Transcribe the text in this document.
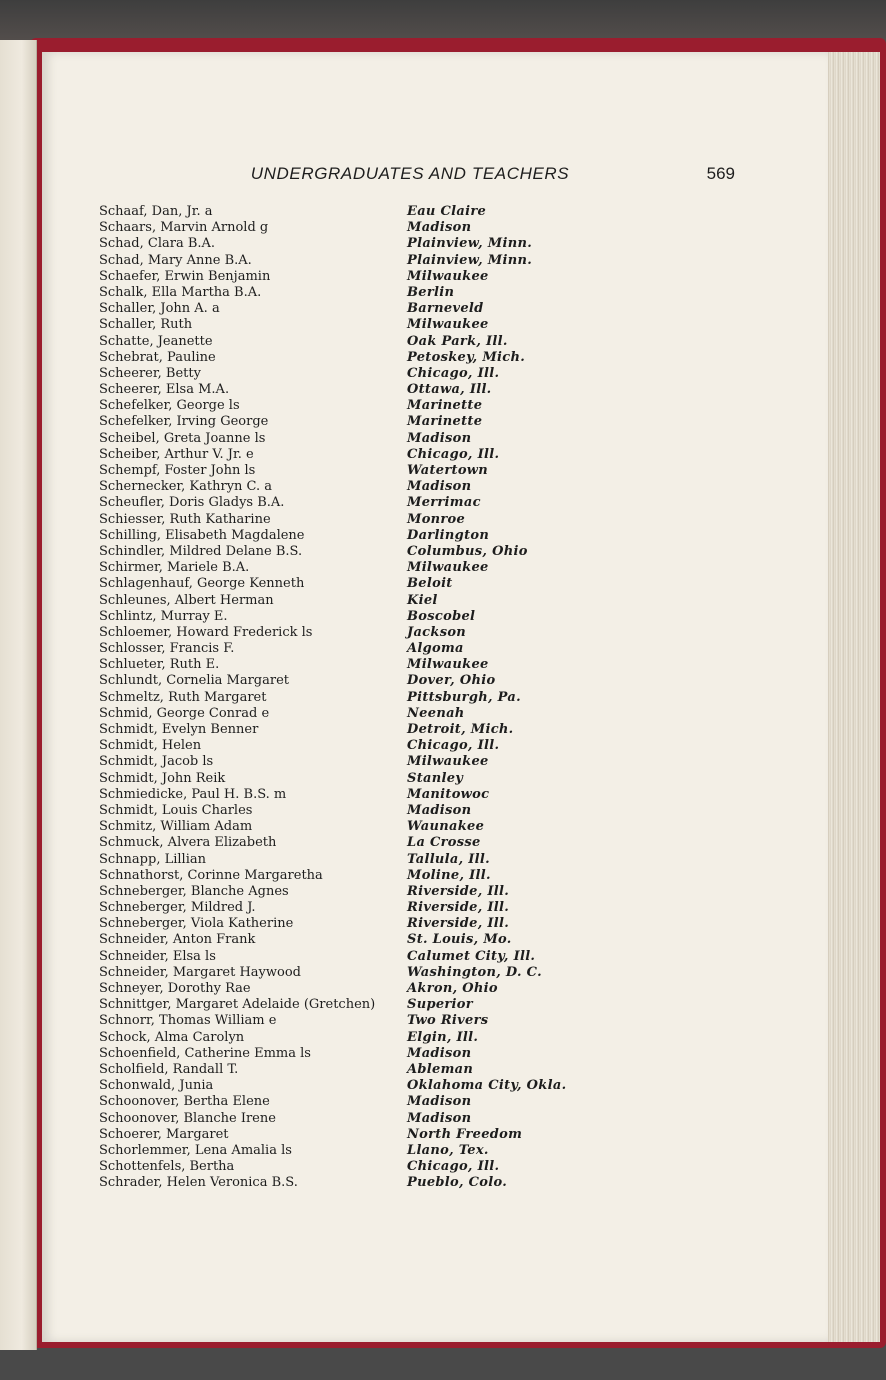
UNDERGRADUATES AND TEACHERS	569
Schaaf, Dan, Jr. a	Eau Claire
Schaars, Marvin Arnold g	Madison
Schad, Clara B.A.	Plainview, Minn.
Schad, Mary Anne B.A.	Plainview, Minn.
Schaefer, Erwin Benjamin	Milwaukee
Schalk, Ella Martha B.A.	Berlin
Schaller, John A. a	Barneveld
Schaller, Ruth	Milwaukee
Schatte, Jeanette	Oak Park, Ill.
Schebrat, Pauline	Petoskey, Mich.
Scheerer, Betty	Chicago, Ill.
Scheerer, Elsa M.A.	Ottawa, Ill.
Schefelker, George ls	Marinette
Schefelker, Irving George	Marinette
Scheibel, Greta Joanne ls	Madison
Scheiber, Arthur V. Jr. e	Chicago, Ill.
Schempf, Foster John ls	Watertown
Schernecker, Kathryn C. a	Madison
Scheufler, Doris Gladys B.A.	Merrimac
Schiesser, Ruth Katharine	Monroe
Schilling, Elisabeth Magdalene	Darlington
Schindler, Mildred Delane B.S.	Columbus, Ohio
Schirmer, Mariele B.A.	Milwaukee
Schlagenhauf, George Kenneth	Beloit
Schleunes, Albert Herman	Kiel
Schlintz, Murray E.	Boscobel
Schloemer, Howard Frederick ls	Jackson
Schlosser, Francis F.	Algoma
Schlueter, Ruth E.	Milwaukee
Schlundt, Cornelia Margaret	Dover, Ohio
Schmeltz, Ruth Margaret	Pittsburgh, Pa.
Schmid, George Conrad e	Neenah
Schmidt, Evelyn Benner	Detroit, Mich.
Schmidt, Helen	Chicago, Ill.
Schmidt, Jacob ls	Milwaukee
Schmidt, John Reik	Stanley
Schmiedicke, Paul H. B.S. m	Manitowoc
Schmidt, Louis Charles	Madison
Schmitz, William Adam	Waunakee
Schmuck, Alvera Elizabeth	La Crosse
Schnapp, Lillian	Tallula, Ill.
Schnathorst, Corinne Margaretha	Moline, Ill.
Schneberger, Blanche Agnes	Riverside, Ill.
Schneberger, Mildred J.	Riverside, Ill.
Schneberger, Viola Katherine	Riverside, Ill.
Schneider, Anton Frank	St. Louis, Mo.
Schneider, Elsa ls	Calumet City, Ill.
Schneider, Margaret Haywood	Washington, D. C.
Schneyer, Dorothy Rae	Akron, Ohio
Schnittger, Margaret Adelaide (Gretchen) Superior
Schnorr, Thomas William e	Two Rivers
Schock, Alma Carolyn	Elgin, Ill.
Schoenfield, Catherine Emma ls	Madison
Scholfield, Randall T.	Ableman
Schonwald, Junia	Oklahoma City, Okla.
Schoonover, Bertha Elene	Madison
Schoonover, Blanche Irene	Madison
Schoerer, Margaret	North Freedom
Schorlemmer, Lena Amalia ls	Llano, Tex.
Schottenfels, Bertha	Chicago, Ill.
Schrader, Helen Veronica B.S.	Pueblo, Colo.
